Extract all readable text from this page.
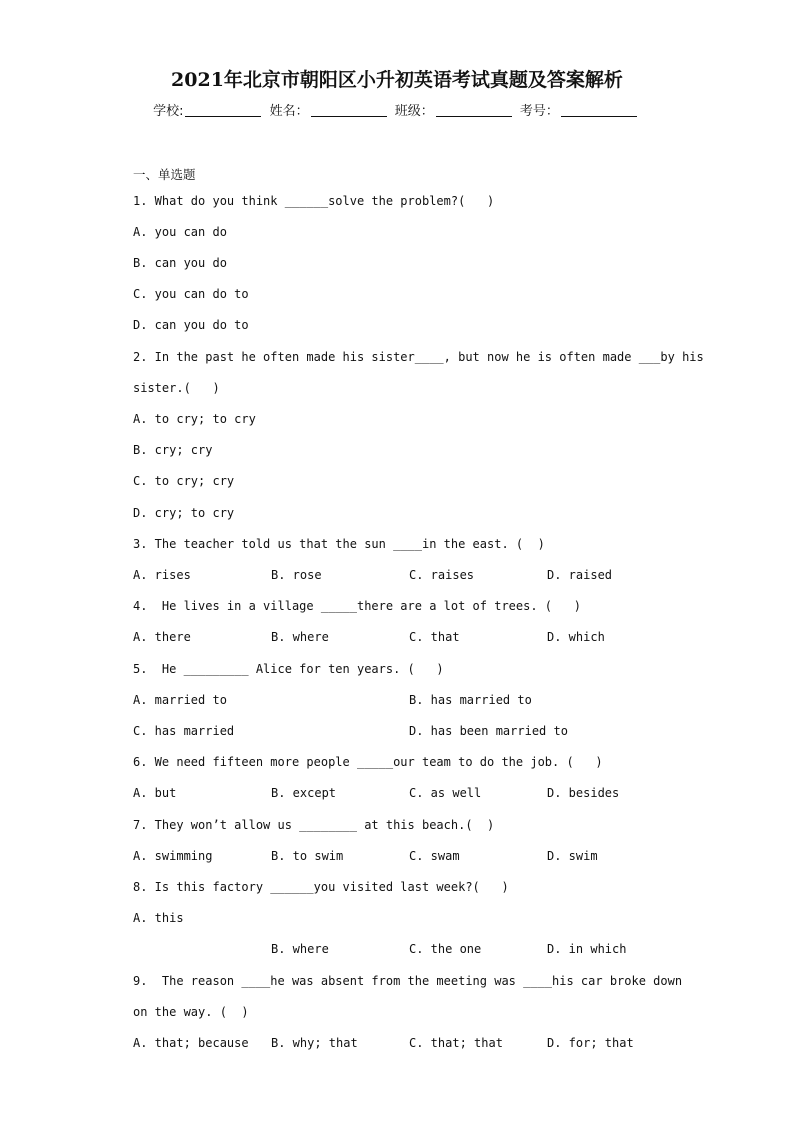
2021年北京市朝阳区小升初英语考试真题及答案解析
学校:	姓名：	班级：	考号：
一、单选题
1. What do you think ______solve the problem?(   )
A. you can do
B. can you do
C. you can do to
D. can you do to
2. In the past he often made his sister____, but now he is often made ___by his
sister.(   )
A. to cry; to cry
B. cry; cry
C. to cry; cry
D. cry; to cry
3. The teacher told us that the sun ____in the east. (  )
A. rises	B. rose	C. raises	D. raised
4.  He lives in a village _____there are a lot of trees. (   )
A. there	B. where	C. that	D. which
5.  He _________ Alice for ten years. (   )
A. married to	B. has married to
C. has married	D. has been married to
6. We need fifteen more people _____our team to do the job. (   )
A. but	B. except	C. as well	D. besides
7. They won’t allow us ________ at this beach.(  )
A. swimming	B. to swim	C. swam	D. swim
8. Is this factory ______you visited last week?(   )
A. this
B. where	C. the one	D. in which
9.  The reason ____he was absent from the meeting was ____his car broke down
on the way. (  )
A. that; because B. why; that	C. that; that	D. for; that
